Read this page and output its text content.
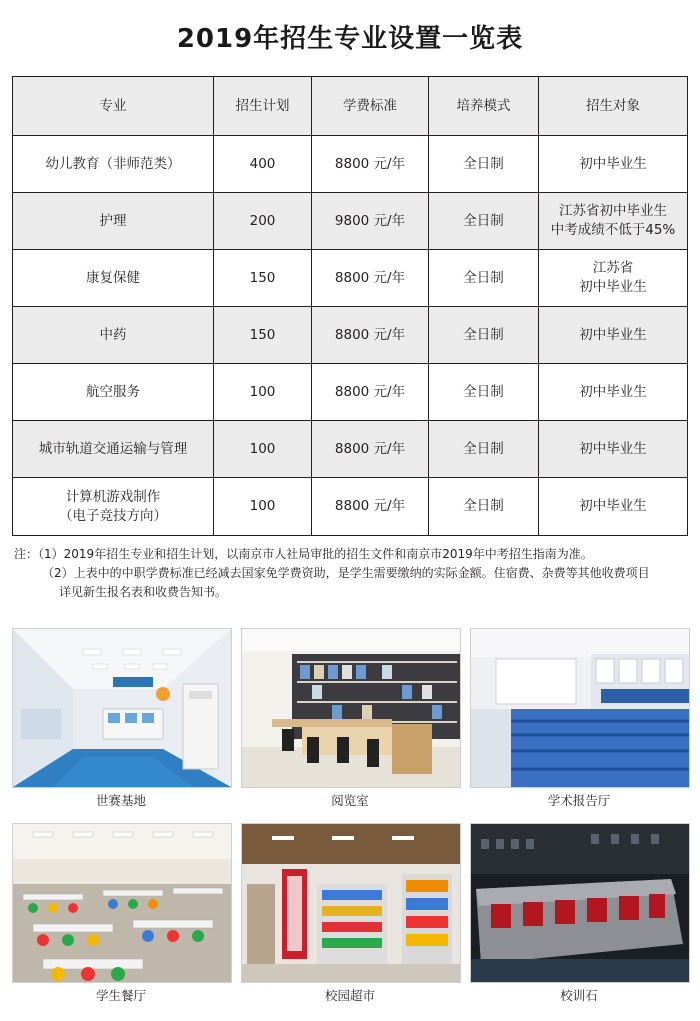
2019年招生专业设置一览表
专业	招生计划	学费标准	培养模式	招生对象
幼儿教育（非师范类）	400	8800 元/年	全日制	初中毕业生
护理	200	9800 元/年	全日制	江苏省初中毕业生
中考成绩不低于45%
康复保健	150	8800 元/年	全日制	江苏省
初中毕业生
中药	150	8800 元/年	全日制	初中毕业生
航空服务	100	8800 元/年	全日制	初中毕业生
城市轨道交通运输与管理	100	8800 元/年	全日制	初中毕业生
计算机游戏制作
（电子竞技方向）	100	8800 元/年	全日制	初中毕业生
注：（1）2019年招生专业和招生计划，以南京市人社局审批的招生文件和南京市2019年中考招生指南为准。
（2）上表中的中职学费标准已经减去国家免学费资助，是学生需要缴纳的实际金额。住宿费、杂费等其他收费项目
详见新生报名表和收费告知书。
世赛基地	阅览室	学术报告厅
学生餐厅	校园超市	校训石
